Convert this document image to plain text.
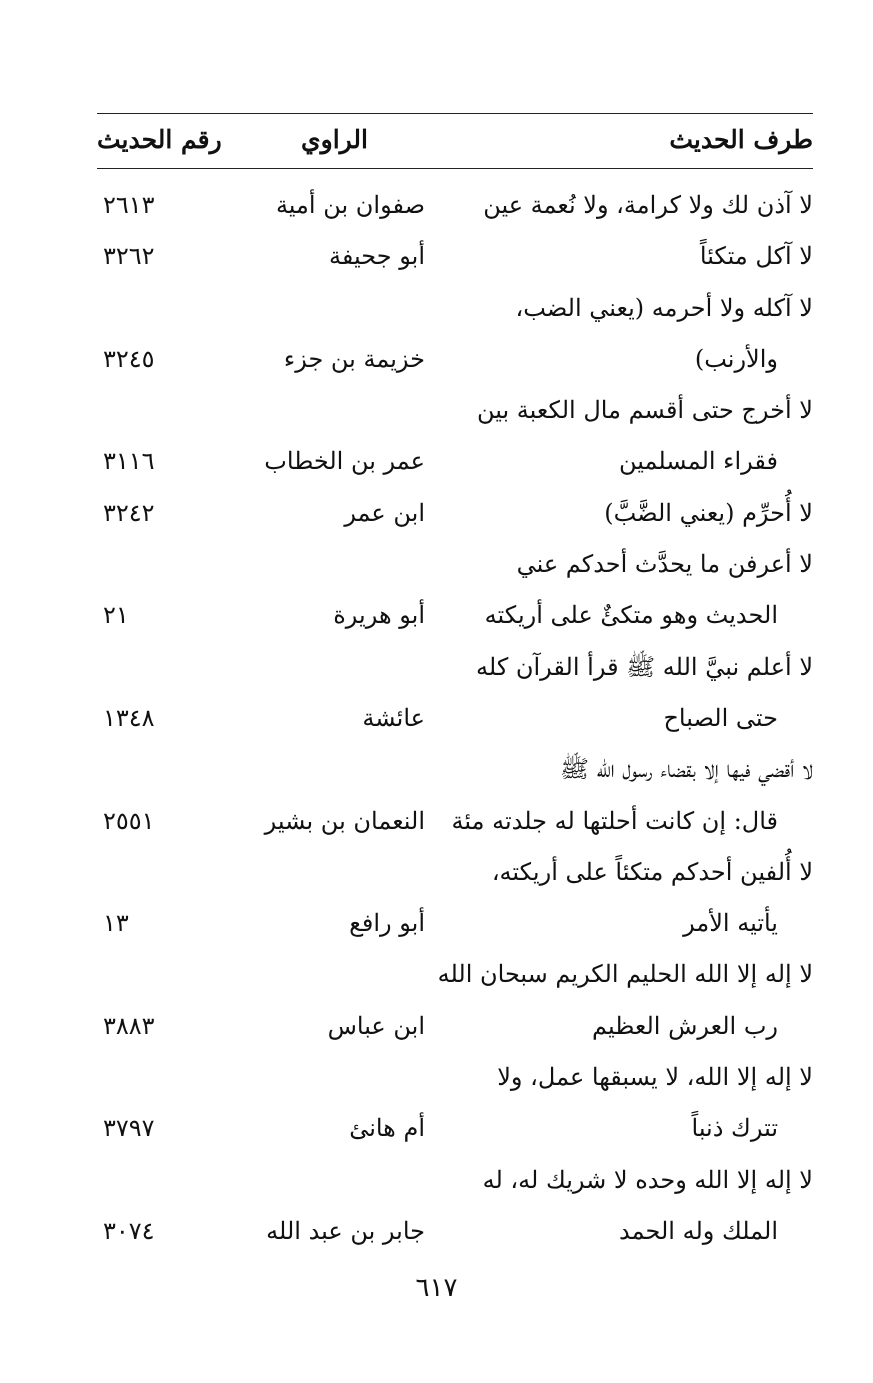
طرف الحديث
الراوي
رقم الحديث
لا آذن لك ولا كرامة، ولا نُعمة عين
صفوان بن أمية
٢٦١٣
لا آكل متكئاً
أبو جحيفة
٣٢٦٢
لا آكله ولا أحرمه (يعني الضب،
والأرنب)
خزيمة بن جزء
٣٢٤٥
لا أخرج حتى أقسم مال الكعبة بين
فقراء المسلمين
عمر بن الخطاب
٣١١٦
لا أُحرِّم (يعني الضَّبَّ)
ابن عمر
٣٢٤٢
لا أعرفن ما يحدَّث أحدكم عني
الحديث وهو متكئٌ على أريكته
أبو هريرة
٢١
لا أعلم نبيَّ الله ﷺ قرأ القرآن كله
حتى الصباح
عائشة
١٣٤٨
لا أقضي فيها إلا بقضاء رسول الله ﷺ
قال: إن كانت أحلتها له جلدته مئة
النعمان بن بشير
٢٥٥١
لا أُلفين أحدكم متكئاً على أريكته،
يأتيه الأمر
أبو رافع
١٣
لا إله إلا الله الحليم الكريم سبحان الله
رب العرش العظيم
ابن عباس
٣٨٨٣
لا إله إلا الله، لا يسبقها عمل، ولا
تترك ذنباً
أم هانئ
٣٧٩٧
لا إله إلا الله وحده لا شريك له، له
الملك وله الحمد
جابر بن عبد الله
٣٠٧٤
٦١٧
